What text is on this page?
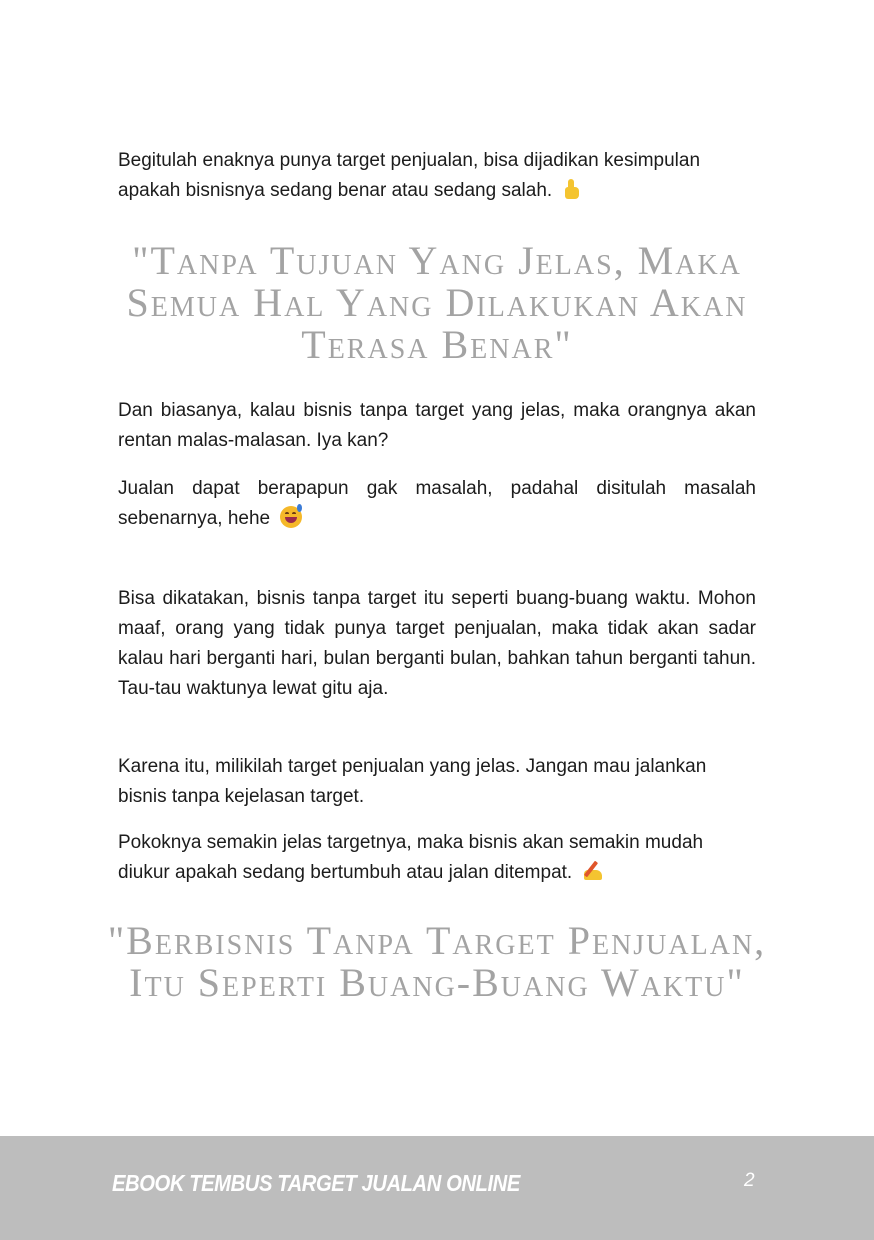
Begitulah enaknya punya target penjualan, bisa dijadikan kesimpulan apakah bisnisnya sedang benar atau sedang salah.

"Tanpa Tujuan Yang Jelas, Maka Semua Hal Yang Dilakukan Akan Terasa Benar"

Dan biasanya, kalau bisnis tanpa target yang jelas, maka orangnya akan rentan malas-malasan. Iya kan?

Jualan dapat berapapun gak masalah, padahal disitulah masalah sebenarnya, hehe

Bisa dikatakan, bisnis tanpa target itu seperti buang-buang waktu. Mohon maaf, orang yang tidak punya target penjualan, maka tidak akan sadar kalau hari berganti hari, bulan berganti bulan, bahkan tahun berganti tahun. Tau-tau waktunya lewat gitu aja.

Karena itu, milikilah target penjualan yang jelas. Jangan mau jalankan bisnis tanpa kejelasan target.

Pokoknya semakin jelas targetnya, maka bisnis akan semakin mudah diukur apakah sedang bertumbuh atau jalan ditempat.

"Berbisnis Tanpa Target Penjualan, Itu Seperti Buang-Buang Waktu"

EBOOK TEMBUS TARGET JUALAN ONLINE	2
